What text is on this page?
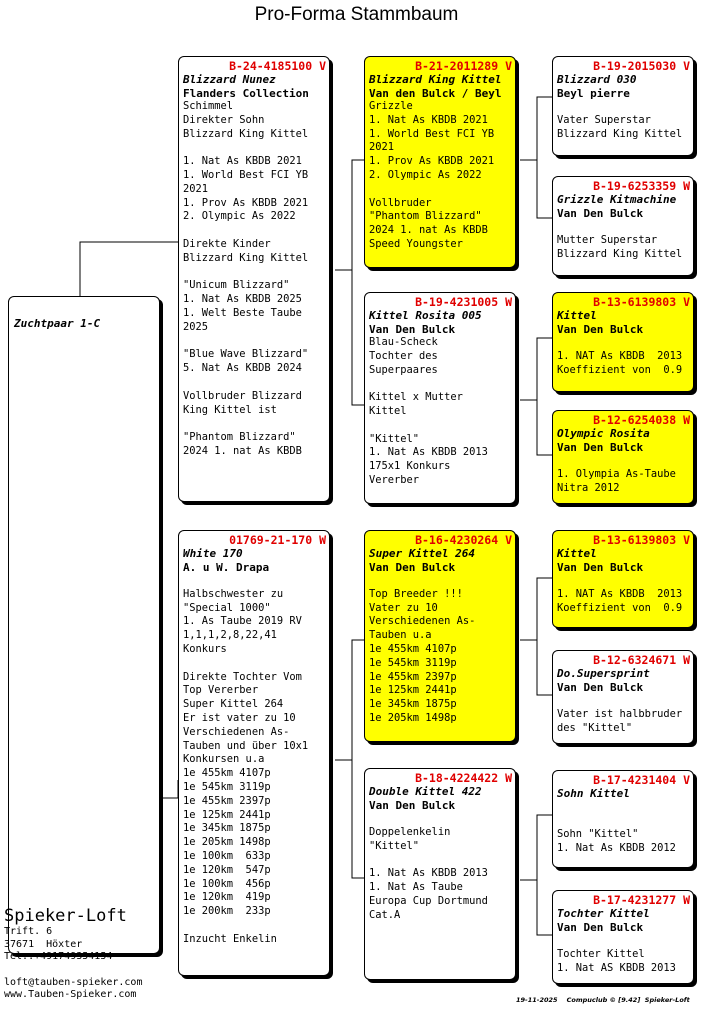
Pro-Forma Stammbaum
Zuchtpaar 1-C
B-24-4185100 V
Blizzard Nunez
Flanders Collection
Schimmel
Direkter Sohn
Blizzard King Kittel
1. Nat As KBDB 2021
1. World Best FCI YB
2021
1. Prov As KBDB 2021
2. Olympic As 2022
Direkte Kinder
Blizzard King Kittel
"Unicum Blizzard"
1. Nat As KBDB 2025
1. Welt Beste Taube
2025
"Blue Wave Blizzard"
5. Nat As KBDB 2024
Vollbruder Blizzard
King Kittel ist
"Phantom Blizzard"
2024 1. nat As KBDB
01769-21-170 W
White 170
A. u W. Drapa
Halbschwester zu
"Special 1000"
1. As Taube 2019 RV
1,1,1,2,8,22,41
Konkurs
Direkte Tochter Vom
Top Vererber
Super Kittel 264
Er ist vater zu 10
Verschiedenen As-
Tauben und über 10x1
Konkursen u.a
1e 455km 4107p
1e 545km 3119p
1e 455km 2397p
1e 125km 2441p
1e 345km 1875p
1e 205km 1498p
1e 100km  633p
1e 120km  547p
1e 100km  456p
1e 120km  419p
1e 200km  233p
Inzucht Enkelin
B-21-2011289 V
Blizzard King Kittel
Van den Bulck / Beyl
Grizzle
1. Nat As KBDB 2021
1. World Best FCI YB
2021
1. Prov As KBDB 2021
2. Olympic As 2022
Vollbruder
"Phantom Blizzard"
2024 1. nat As KBDB
Speed Youngster
B-19-4231005 W
Kittel Rosita 005
Van Den Bulck
Blau-Scheck
Tochter des
Superpaares
Kittel x Mutter
Kittel
"Kittel"
1. Nat As KBDB 2013
175x1 Konkurs
Vererber
B-16-4230264 V
Super Kittel 264
Van Den Bulck
Top Breeder !!!
Vater zu 10
Verschiedenen As-
Tauben u.a
1e 455km 4107p
1e 545km 3119p
1e 455km 2397p
1e 125km 2441p
1e 345km 1875p
1e 205km 1498p
B-18-4224422 W
Double Kittel 422
Van Den Bulck
Doppelenkelin
"Kittel"
1. Nat As KBDB 2013
1. Nat As Taube
Europa Cup Dortmund
Cat.A
B-19-2015030 V
Blizzard 030
Beyl pierre
Vater Superstar
Blizzard King Kittel
B-19-6253359 W
Grizzle Kitmachine
Van Den Bulck
Mutter Superstar
Blizzard King Kittel
B-13-6139803 V
Kittel
Van Den Bulck
1. NAT As KBDB  2013
Koeffizient von  0.9
B-12-6254038 W
Olympic Rosita
Van Den Bulck
1. Olympia As-Taube
Nitra 2012
B-13-6139803 V
Kittel
Van Den Bulck
1. NAT As KBDB  2013
Koeffizient von  0.9
B-12-6324671 W
Do.Supersprint
Van Den Bulck
Vater ist halbbruder
des "Kittel"
B-17-4231404 V
Sohn Kittel
Sohn "Kittel"
1. Nat As KBDB 2012
B-17-4231277 W
Tochter Kittel
Van Den Bulck
Tochter Kittel
1. Nat AS KBDB 2013
Spieker-Loft
Trift. 6
37671  Höxter
Tel.:+491749354154
loft@tauben-spieker.com
www.Tauben-Spieker.com	19-11-2025    Compuclub © [9.42]  Spieker-Loft
